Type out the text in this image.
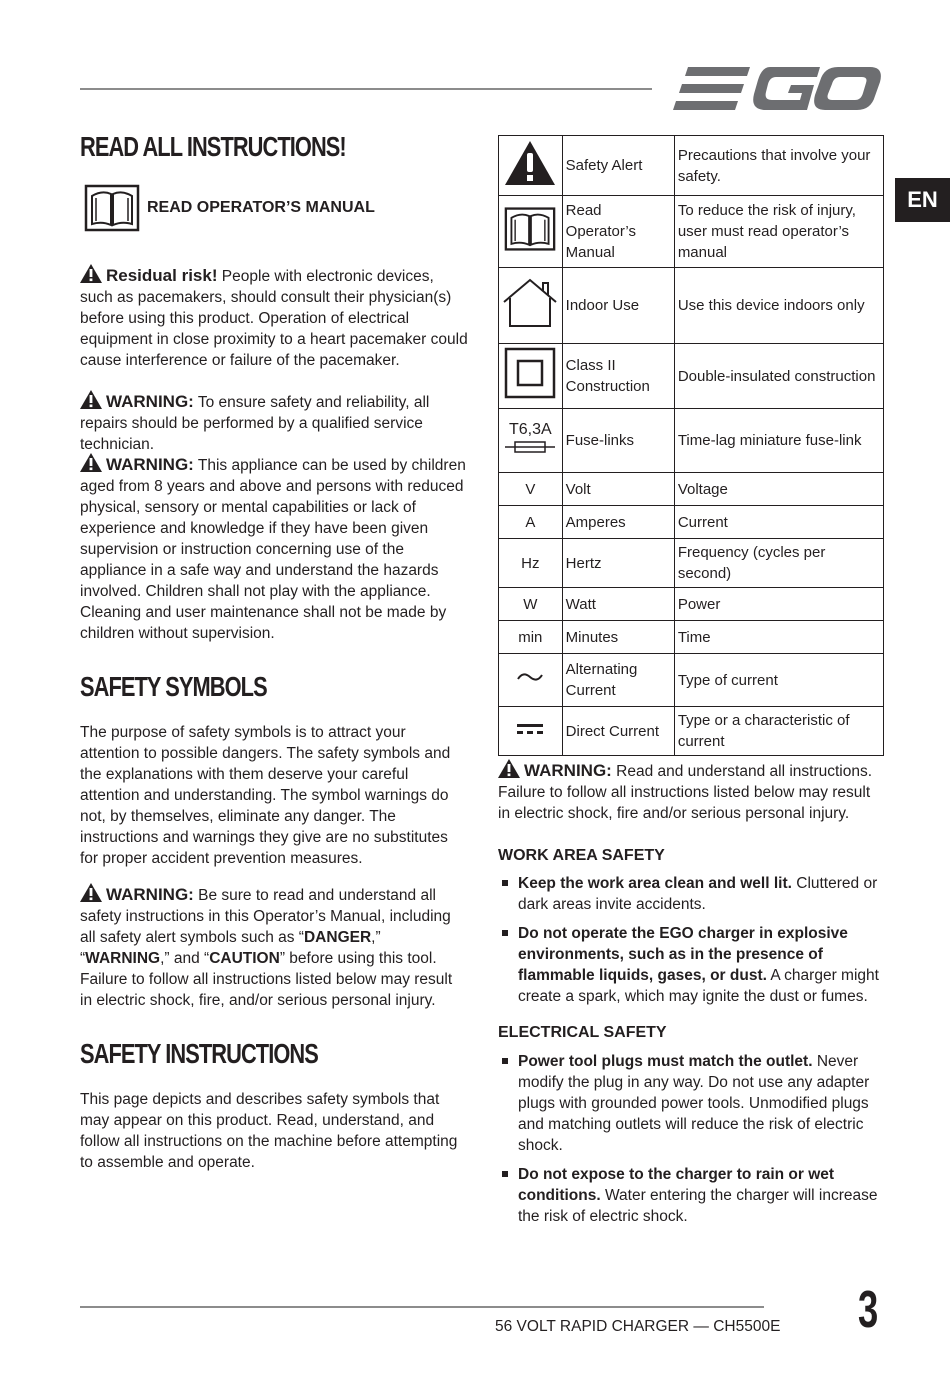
EN
READ ALL INSTRUCTIONS!
READ OPERATOR’S MANUAL

Residual risk! People with electronic devices, such as pacemakers, should consult their physician(s) before using this product. Operation of electrical equipment in close proximity to a heart pacemaker could cause interference or failure of the pacemaker.

WARNING: To ensure safety and reliability, all repairs should be performed by a qualified service technician.

WARNING: This appliance can be used by children aged from 8 years and above and persons with reduced physical, sensory or mental capabilities or lack of experience and knowledge if they have been given supervision or instruction concerning use of the appliance in a safe way and understand the hazards involved. Children shall not play with the appliance. Cleaning and user maintenance shall not be made by children without supervision.

SAFETY SYMBOLS

The purpose of safety symbols is to attract your attention to possible dangers. The safety symbols and the explanations with them deserve your careful attention and understanding. The symbol warnings do not, by themselves, eliminate any danger. The instructions and warnings they give are no substitutes for proper accident prevention measures.

WARNING: Be sure to read and understand all safety instructions in this Operator’s Manual, including all safety alert symbols such as “DANGER,” “WARNING,” and “CAUTION” before using this tool. Failure to follow all instructions listed below may result in electric shock, fire, and/or serious personal injury.

SAFETY INSTRUCTIONS

This page depicts and describes safety symbols that may appear on this product. Read, understand, and follow all instructions on the machine before attempting to assemble and operate.

	Safety Alert	Precautions that involve your safety.
	Read Operator’s Manual	To reduce the risk of injury, user must read operator’s manual
	Indoor Use	Use this device indoors only
	Class II Construction	Double-insulated construction

T6,3A	Fuse-links	Time-lag miniature fuse-link
V	Volt	Voltage
A	Amperes	Current
Hz	Hertz	Frequency (cycles per second)
W	Watt	Power
min	Minutes	Time
	Alternating Current	Type of current
	Direct Current	Type or a characteristic of current

WARNING: Read and understand all instructions. Failure to follow all instructions listed below may result in electric shock, fire and/or serious personal injury.

WORK AREA SAFETY

Keep the work area clean and well lit. Cluttered or dark areas invite accidents.

Do not operate the EGO charger in explosive environments, such as in the presence of flammable liquids, gases, or dust. A charger might create a spark, which may ignite the dust or fumes.

ELECTRICAL SAFETY

Power tool plugs must match the outlet. Never modify the plug in any way. Do not use any adapter plugs with grounded power tools. Unmodified plugs and matching outlets will reduce the risk of electric shock.

Do not expose to the charger to rain or wet conditions. Water entering the charger will increase the risk of electric shock.

56 VOLT RAPID CHARGER — CH5500E 3
